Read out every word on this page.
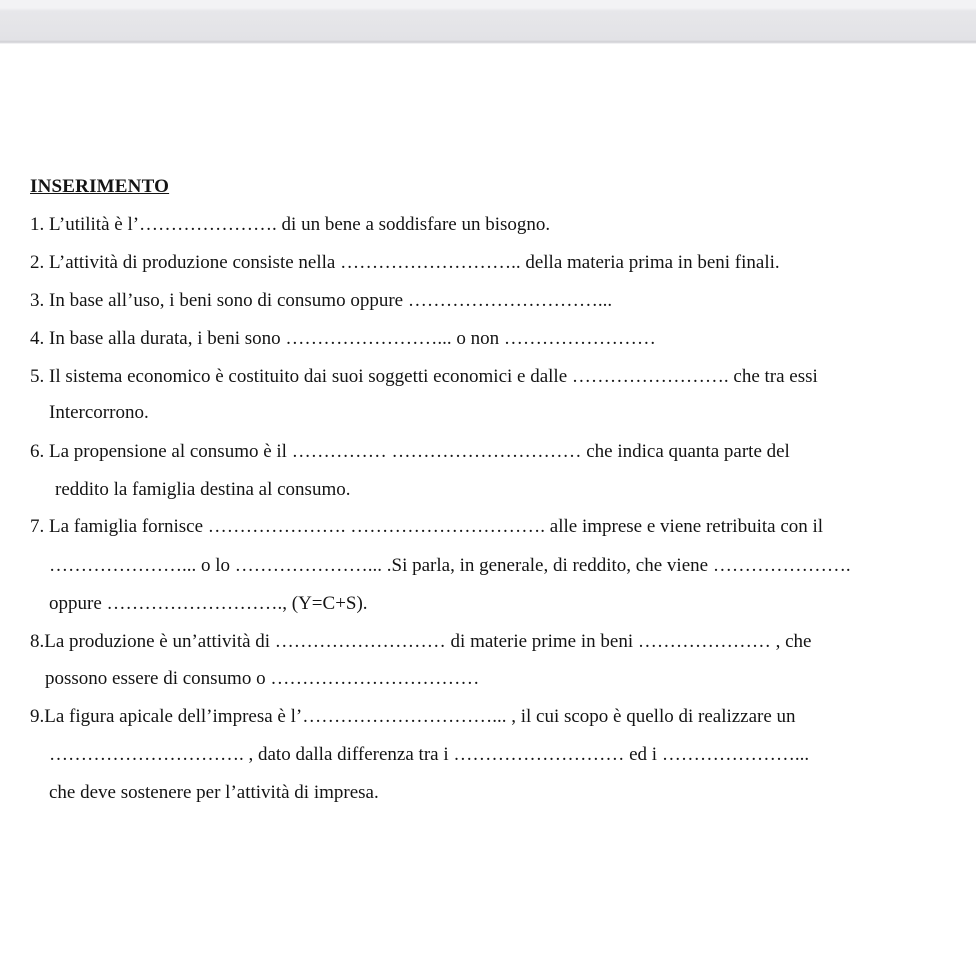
INSERIMENTO
1. L’utilità è l’…………………. di un bene a soddisfare un bisogno.
2. L’attività di produzione consiste nella ……………………….. della materia prima in beni finali.
3. In base all’uso, i beni sono di consumo oppure …………………………...
4. In base alla durata, i beni sono ……………………... o non ……………………
5. Il sistema economico è costituito dai suoi soggetti economici e dalle ……………………. che tra essi
Intercorrono.
6. La propensione al consumo è il …………… ………………………… che indica quanta parte del
reddito la famiglia destina al consumo.
7. La famiglia fornisce …………………. …………………………. alle imprese e viene retribuita con il
…………………... o lo …………………... .Si parla, in generale, di reddito, che viene ………………….
oppure ………………………., (Y=C+S).
8.La produzione è un’attività di ……………………… di materie prime in beni ………………… , che
possono essere di consumo o ……………………………
9.La figura apicale dell’impresa è l’…………………………... , il cui scopo è quello di realizzare un
…………………………. , dato dalla differenza tra i ……………………… ed i …………………...
che deve sostenere per l’attività di impresa.
